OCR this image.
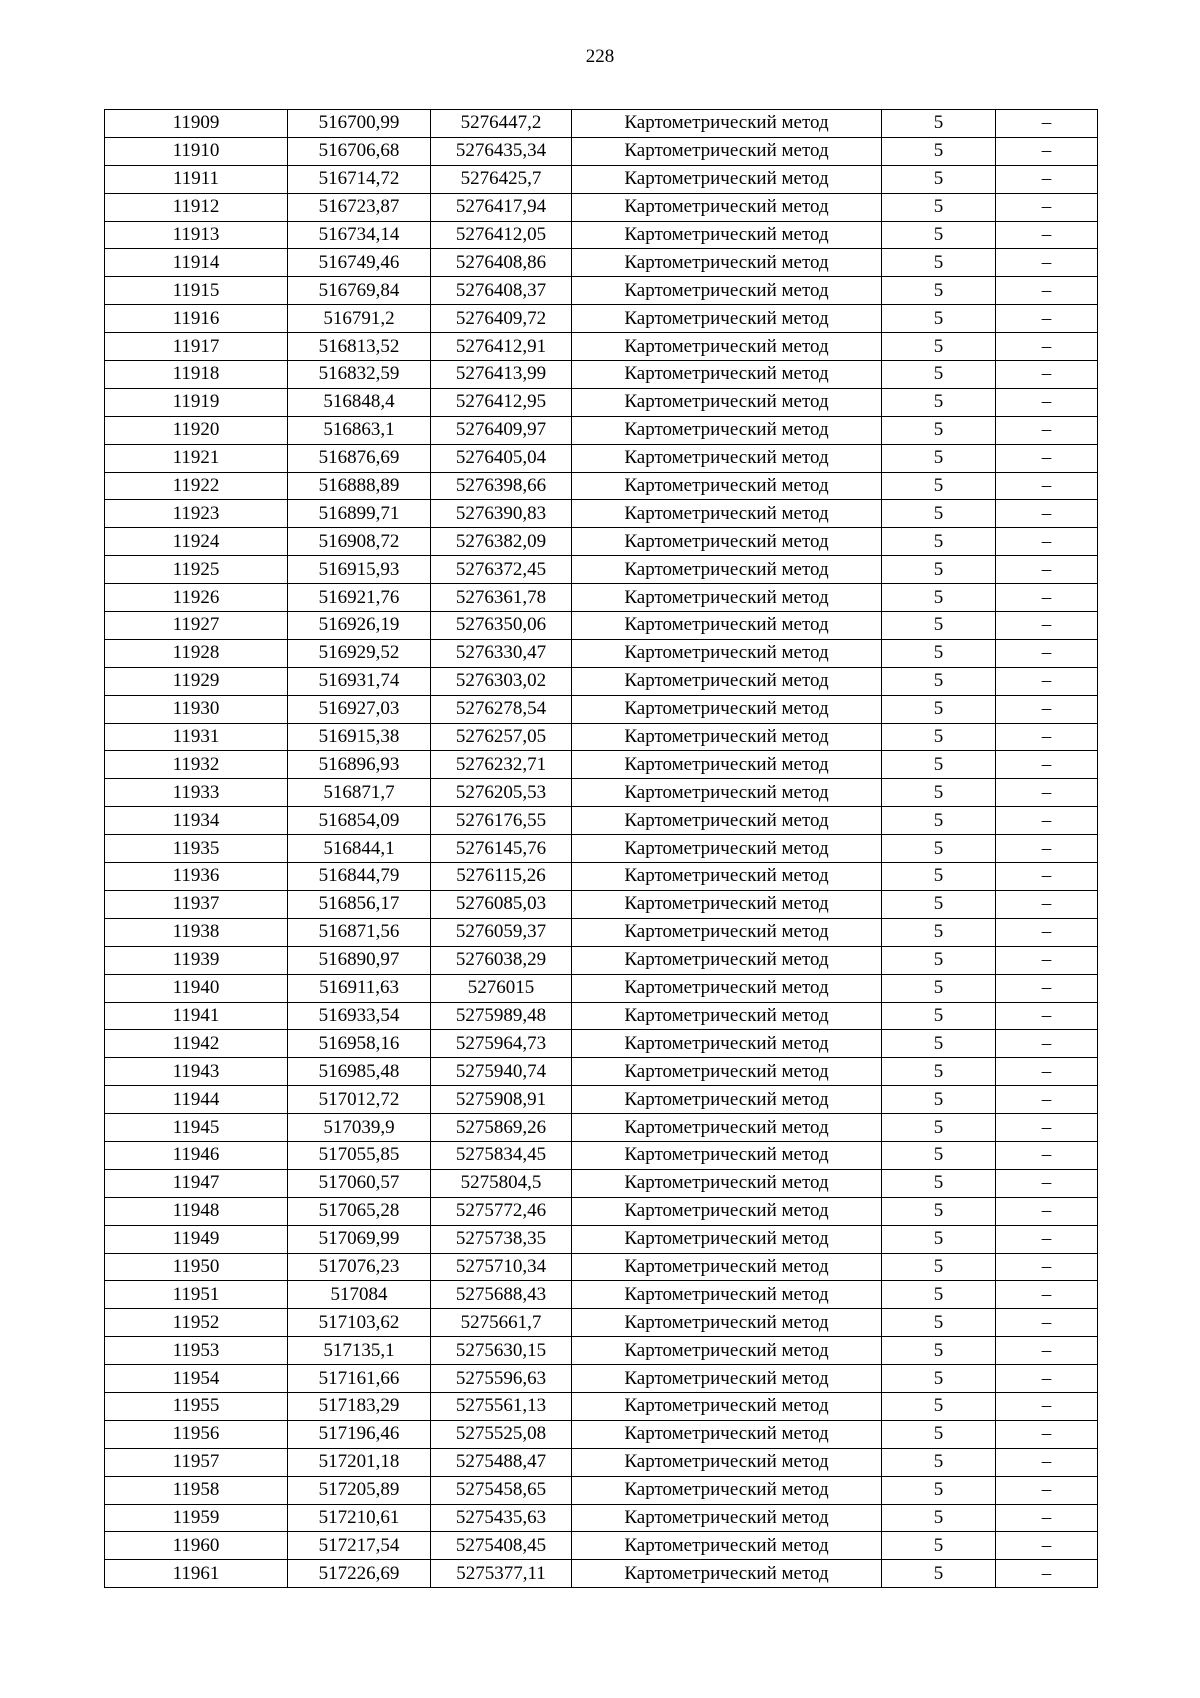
228
11909	516700,99	5276447,2	Картометрический метод	5	–
11910	516706,68	5276435,34	Картометрический метод	5	–
11911	516714,72	5276425,7	Картометрический метод	5	–
11912	516723,87	5276417,94	Картометрический метод	5	–
11913	516734,14	5276412,05	Картометрический метод	5	–
11914	516749,46	5276408,86	Картометрический метод	5	–
11915	516769,84	5276408,37	Картометрический метод	5	–
11916	516791,2	5276409,72	Картометрический метод	5	–
11917	516813,52	5276412,91	Картометрический метод	5	–
11918	516832,59	5276413,99	Картометрический метод	5	–
11919	516848,4	5276412,95	Картометрический метод	5	–
11920	516863,1	5276409,97	Картометрический метод	5	–
11921	516876,69	5276405,04	Картометрический метод	5	–
11922	516888,89	5276398,66	Картометрический метод	5	–
11923	516899,71	5276390,83	Картометрический метод	5	–
11924	516908,72	5276382,09	Картометрический метод	5	–
11925	516915,93	5276372,45	Картометрический метод	5	–
11926	516921,76	5276361,78	Картометрический метод	5	–
11927	516926,19	5276350,06	Картометрический метод	5	–
11928	516929,52	5276330,47	Картометрический метод	5	–
11929	516931,74	5276303,02	Картометрический метод	5	–
11930	516927,03	5276278,54	Картометрический метод	5	–
11931	516915,38	5276257,05	Картометрический метод	5	–
11932	516896,93	5276232,71	Картометрический метод	5	–
11933	516871,7	5276205,53	Картометрический метод	5	–
11934	516854,09	5276176,55	Картометрический метод	5	–
11935	516844,1	5276145,76	Картометрический метод	5	–
11936	516844,79	5276115,26	Картометрический метод	5	–
11937	516856,17	5276085,03	Картометрический метод	5	–
11938	516871,56	5276059,37	Картометрический метод	5	–
11939	516890,97	5276038,29	Картометрический метод	5	–
11940	516911,63	5276015	Картометрический метод	5	–
11941	516933,54	5275989,48	Картометрический метод	5	–
11942	516958,16	5275964,73	Картометрический метод	5	–
11943	516985,48	5275940,74	Картометрический метод	5	–
11944	517012,72	5275908,91	Картометрический метод	5	–
11945	517039,9	5275869,26	Картометрический метод	5	–
11946	517055,85	5275834,45	Картометрический метод	5	–
11947	517060,57	5275804,5	Картометрический метод	5	–
11948	517065,28	5275772,46	Картометрический метод	5	–
11949	517069,99	5275738,35	Картометрический метод	5	–
11950	517076,23	5275710,34	Картометрический метод	5	–
11951	517084	5275688,43	Картометрический метод	5	–
11952	517103,62	5275661,7	Картометрический метод	5	–
11953	517135,1	5275630,15	Картометрический метод	5	–
11954	517161,66	5275596,63	Картометрический метод	5	–
11955	517183,29	5275561,13	Картометрический метод	5	–
11956	517196,46	5275525,08	Картометрический метод	5	–
11957	517201,18	5275488,47	Картометрический метод	5	–
11958	517205,89	5275458,65	Картометрический метод	5	–
11959	517210,61	5275435,63	Картометрический метод	5	–
11960	517217,54	5275408,45	Картометрический метод	5	–
11961	517226,69	5275377,11	Картометрический метод	5	–
